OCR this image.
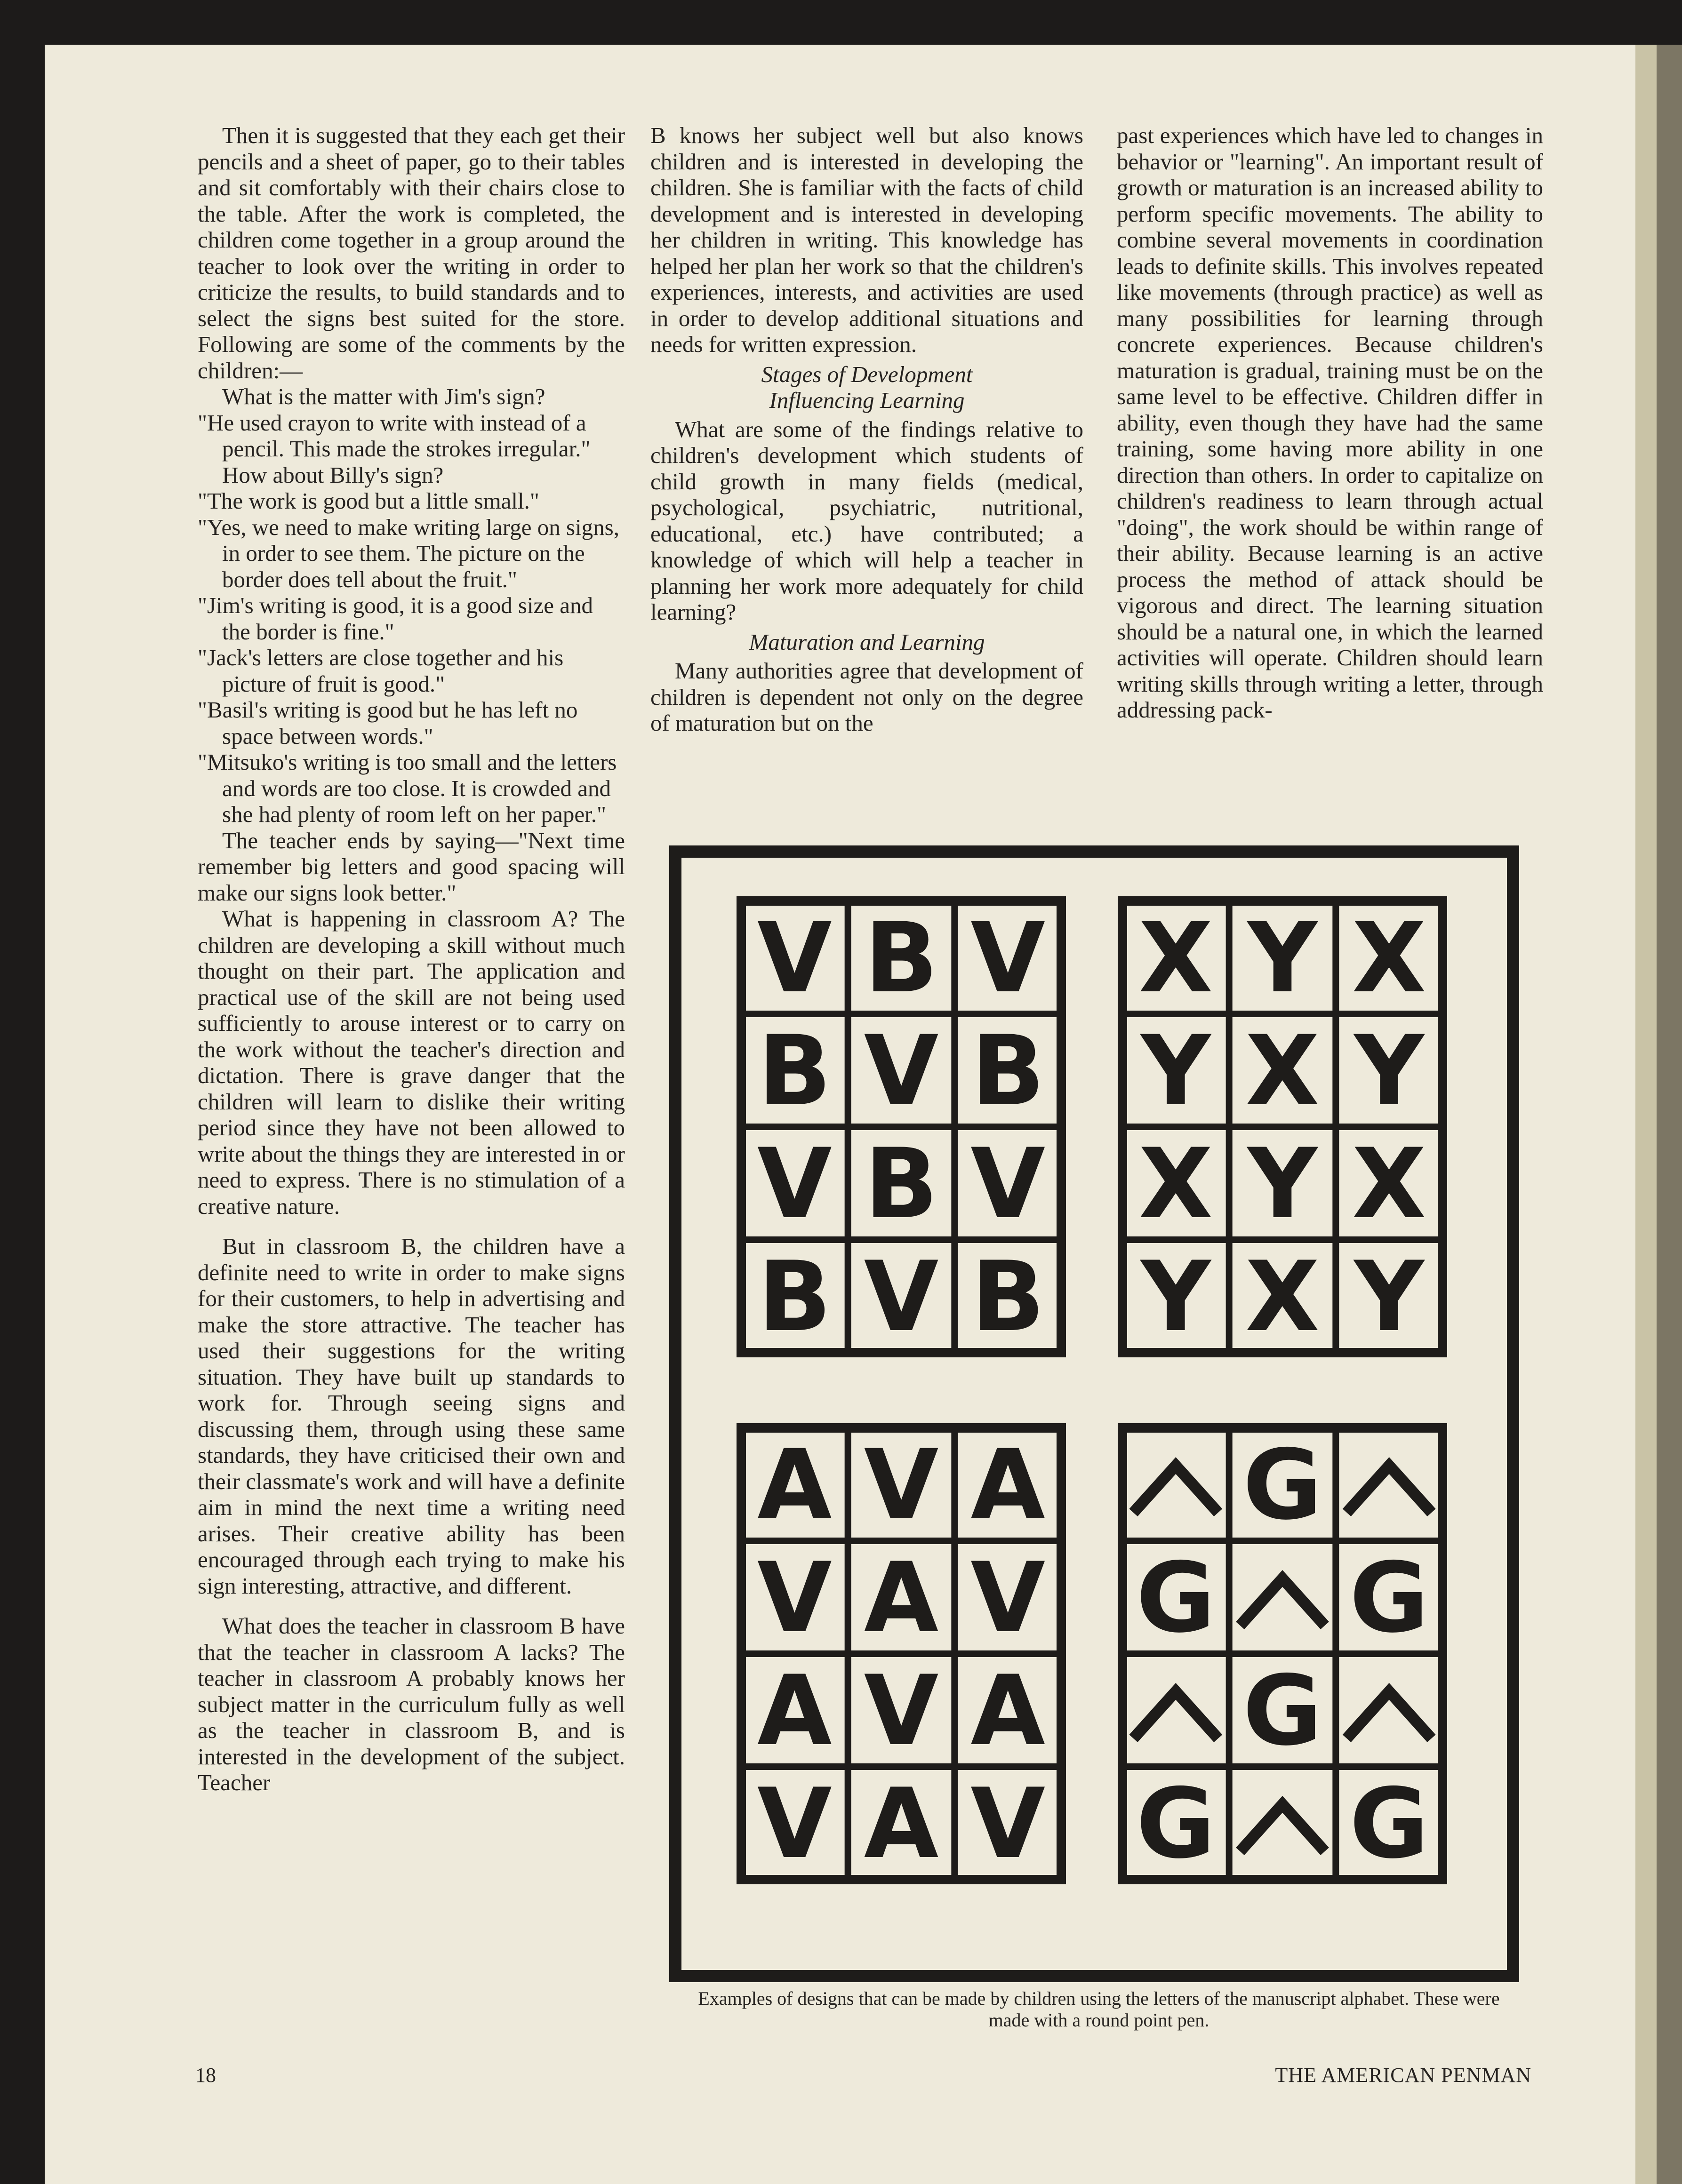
Then it is suggested that they each get their pencils and a sheet of paper, go to their tables and sit comfortably with their chairs close to the table. After the work is completed, the children come together in a group around the teacher to look over the writing in order to criticize the results, to build standards and to select the signs best suited for the store. Following are some of the comments by the children:—

What is the matter with Jim's sign?

"He used crayon to write with instead of a pencil. This made the strokes irregular."

How about Billy's sign?

"The work is good but a little small."

"Yes, we need to make writing large on signs, in order to see them. The picture on the border does tell about the fruit."

"Jim's writing is good, it is a good size and the border is fine."

"Jack's letters are close together and his picture of fruit is good."

"Basil's writing is good but he has left no space between words."

"Mitsuko's writing is too small and the letters and words are too close. It is crowded and she had plenty of room left on her paper."

The teacher ends by saying—"Next time remember big letters and good spacing will make our signs look better."

What is happening in classroom A? The children are developing a skill without much thought on their part. The application and practical use of the skill are not being used sufficiently to arouse interest or to carry on the work without the teacher's direction and dictation. There is grave danger that the children will learn to dislike their writing period since they have not been allowed to write about the things they are interested in or need to express. There is no stimulation of a creative nature.

But in classroom B, the children have a definite need to write in order to make signs for their customers, to help in advertising and make the store attractive. The teacher has used their suggestions for the writing situation. They have built up standards to work for. Through seeing signs and discussing them, through using these same standards, they have criticised their own and their classmate's work and will have a definite aim in mind the next time a writing need arises. Their creative ability has been encouraged through each trying to make his sign interesting, attractive, and different.

What does the teacher in classroom B have that the teacher in classroom A lacks? The teacher in classroom A probably knows her subject matter in the curriculum fully as well as the teacher in classroom B, and is interested in the development of the subject. Teacher

B knows her subject well but also knows children and is interested in developing the children. She is familiar with the facts of child development and is interested in developing her children in writing. This knowledge has helped her plan her work so that the children's experiences, interests, and activities are used in order to develop additional situations and needs for written expression.

Stages of Development
Influencing Learning

What are some of the findings relative to children's development which students of child growth in many fields (medical, psychological, psychiatric, nutritional, educational, etc.) have contributed; a knowledge of which will help a teacher in planning her work more adequately for child learning?

Maturation and Learning

Many authorities agree that development of children is dependent not only on the degree of maturation but on the

past experiences which have led to changes in behavior or "learning". An important result of growth or maturation is an increased ability to perform specific movements. The ability to combine several movements in coordination leads to definite skills. This involves repeated like movements (through practice) as well as many possibilities for learning through concrete experiences. Because children's maturation is gradual, training must be on the same level to be effective. Children differ in ability, even though they have had the same training, some having more ability in one direction than others. In order to capitalize on children's readiness to learn through actual "doing", the work should be within range of their ability. Because learning is an active process the method of attack should be vigorous and direct. The learning situation should be a natural one, in which the learned activities will operate. Children should learn writing skills through writing a letter, through addressing pack-

V B V
B V B
V B V
B V B
X Y X
Y X Y
X Y X
Y X Y
A V A
V A V
A V A
V A V
G
G G
G
G G
Examples of designs that can be made by children using the letters of the manuscript alphabet. These were made with a round point pen.
18	THE AMERICAN PENMAN
